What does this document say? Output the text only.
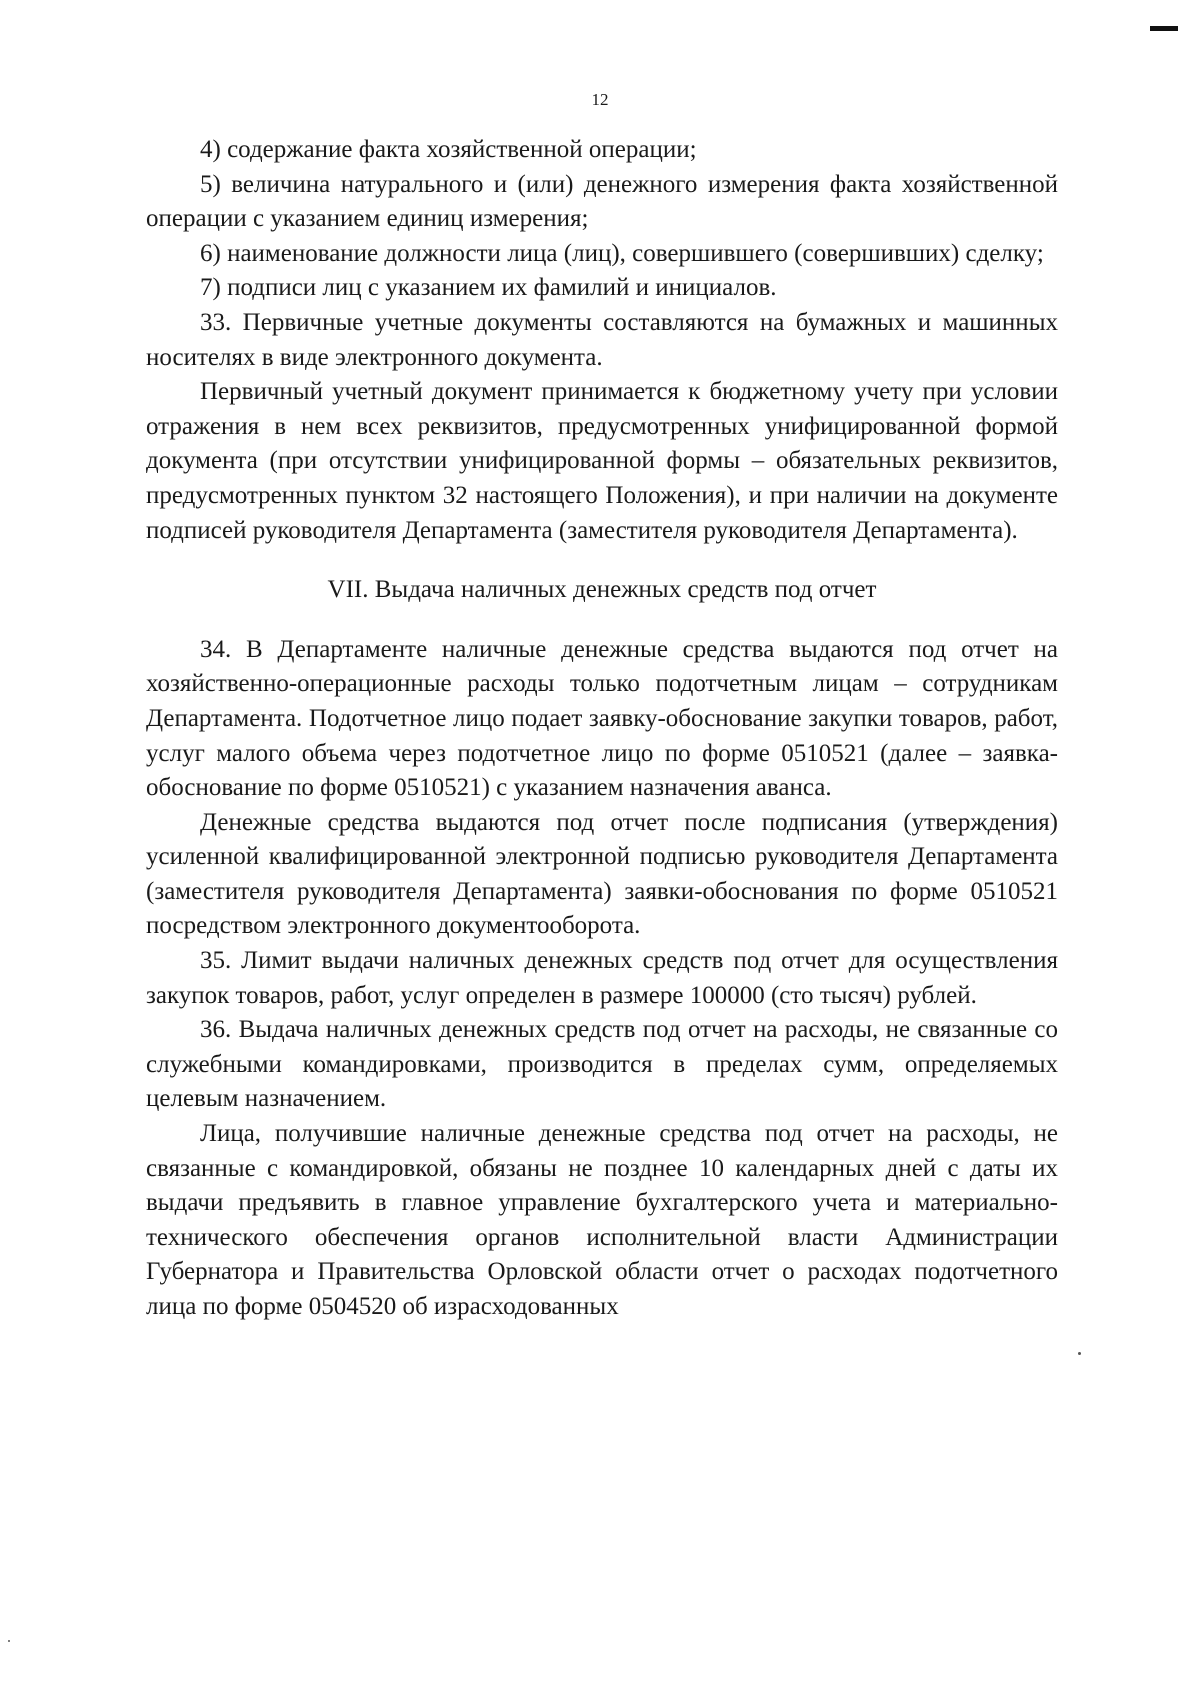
12

4) содержание факта хозяйственной операции;

5) величина натурального и (или) денежного измерения факта хозяйственной операции с указанием единиц измерения;

6) наименование должности лица (лиц), совершившего (совершивших) сделку;

7) подписи лиц с указанием их фамилий и инициалов.

33. Первичные учетные документы составляются на бумажных и машинных носителях в виде электронного документа.

Первичный учетный документ принимается к бюджетному учету при условии отражения в нем всех реквизитов, предусмотренных унифицированной формой документа (при отсутствии унифицированной формы – обязательных реквизитов, предусмотренных пунктом 32 настоящего Положения), и при наличии на документе подписей руководителя Департамента (заместителя руководителя Департамента).

VII. Выдача наличных денежных средств под отчет

34. В Департаменте наличные денежные средства выдаются под отчет на хозяйственно-операционные расходы только подотчетным лицам – сотрудникам Департамента. Подотчетное лицо подает заявку-обоснование закупки товаров, работ, услуг малого объема через подотчетное лицо по форме 0510521 (далее – заявка-обоснование по форме 0510521) с указанием назначения аванса.

Денежные средства выдаются под отчет после подписания (утверждения) усиленной квалифицированной электронной подписью руководителя Департамента (заместителя руководителя Департамента) заявки-обоснования по форме 0510521 посредством электронного документооборота.

35. Лимит выдачи наличных денежных средств под отчет для осуществления закупок товаров, работ, услуг определен в размере 100000 (сто тысяч) рублей.

36. Выдача наличных денежных средств под отчет на расходы, не связанные со служебными командировками, производится в пределах сумм, определяемых целевым назначением.

Лица, получившие наличные денежные средства под отчет на расходы, не связанные с командировкой, обязаны не позднее 10 календарных дней с даты их выдачи предъявить в главное управление бухгалтерского учета и материально-технического обеспечения органов исполнительной власти Администрации Губернатора и Правительства Орловской области отчет о расходах подотчетного лица по форме 0504520 об израсходованных
